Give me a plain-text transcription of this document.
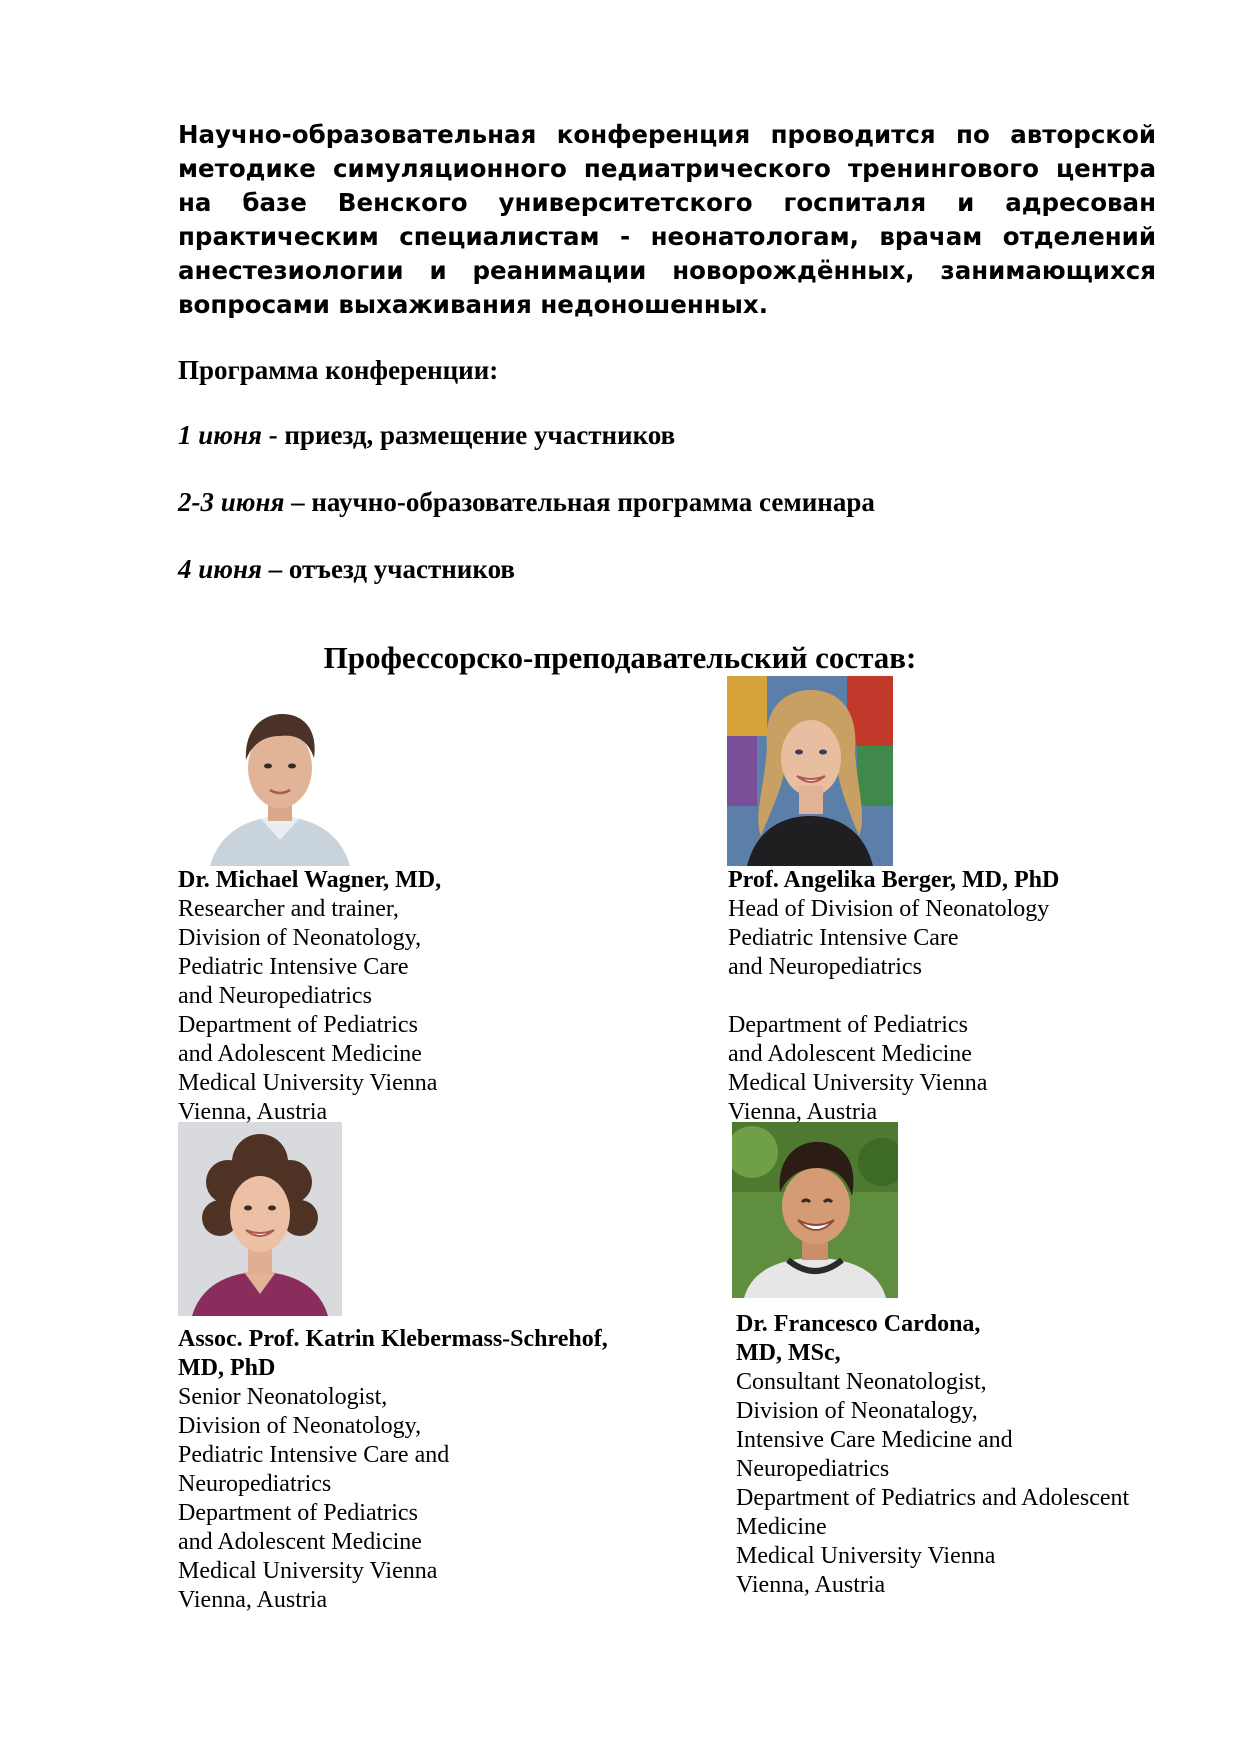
Научно-образовательная конференция проводится по авторской методике симуляционного педиатрического тренингового центра на базе Венского университетского госпиталя и адресован практическим специалистам - неонатологам, врачам отделений анестезиологии и реанимации новорождённых, занимающихся вопросами выхаживания недоношенных.

Программа конференции:

1 июня - приезд, размещение участников

2-3 июня – научно-образовательная программа семинара

4 июня – отъезд участников

Профессорско-преподавательский состав:

Dr. Michael Wagner, MD,
Researcher and trainer,
Division of Neonatology,
Pediatric Intensive Care
and Neuropediatrics
Department of Pediatrics
and Adolescent Medicine
Medical University Vienna
Vienna, Austria
Prof. Angelika Berger, MD, PhD
Head of Division of Neonatology
Pediatric Intensive Care
and Neuropediatrics
Department of Pediatrics
and Adolescent Medicine
Medical University Vienna
Vienna, Austria
Assoc. Prof. Katrin Klebermass-Schrehof,
MD, PhD
Senior Neonatologist,
Division of Neonatology,
Pediatric Intensive Care and
Neuropediatrics
Department of Pediatrics
and Adolescent Medicine
Medical University Vienna
Vienna, Austria
Dr. Francesco Cardona,
MD, MSc,
Consultant Neonatologist,
Division of Neonatalogy,
Intensive Care Medicine and
Neuropediatrics
Department of Pediatrics and Adolescent
Medicine
Medical University Vienna
Vienna, Austria
